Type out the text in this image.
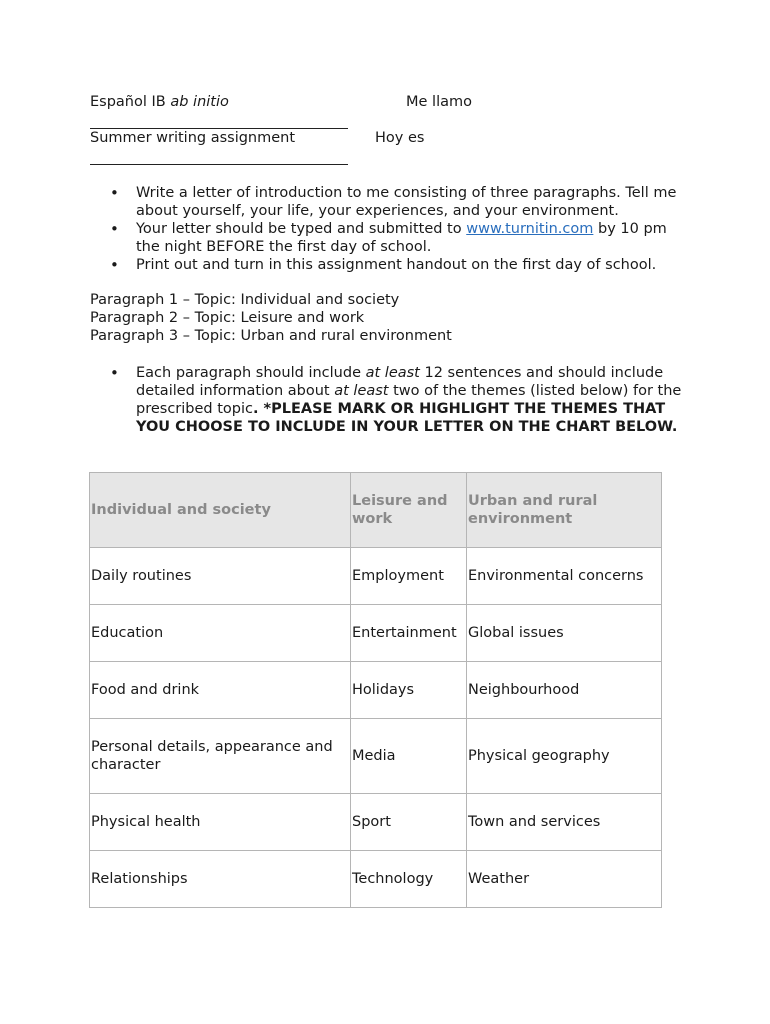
Español IB ab initio	Me llamo
Summer writing assignment	Hoy es
• Write a letter of introduction to me consisting of three paragraphs. Tell me about yourself, your life, your experiences, and your environment.
• Your letter should be typed and submitted to www.turnitin.com by 10 pm the night BEFORE the first day of school.
• Print out and turn in this assignment handout on the first day of school.
Paragraph 1 – Topic: Individual and society
Paragraph 2 – Topic: Leisure and work
Paragraph 3 – Topic: Urban and rural environment
• Each paragraph should include at least 12 sentences and should include detailed information about at least two of the themes (listed below) for the prescribed topic. *PLEASE MARK OR HIGHLIGHT THE THEMES THAT YOU CHOOSE TO INCLUDE IN YOUR LETTER ON THE CHART BELOW.
Individual and society	Leisure and work	Urban and rural environment
Daily routines	Employment	Environmental concerns
Education	Entertainment	Global issues
Food and drink	Holidays	Neighbourhood
Personal details, appearance and character	Media	Physical geography
Physical health	Sport	Town and services
Relationships	Technology	Weather
